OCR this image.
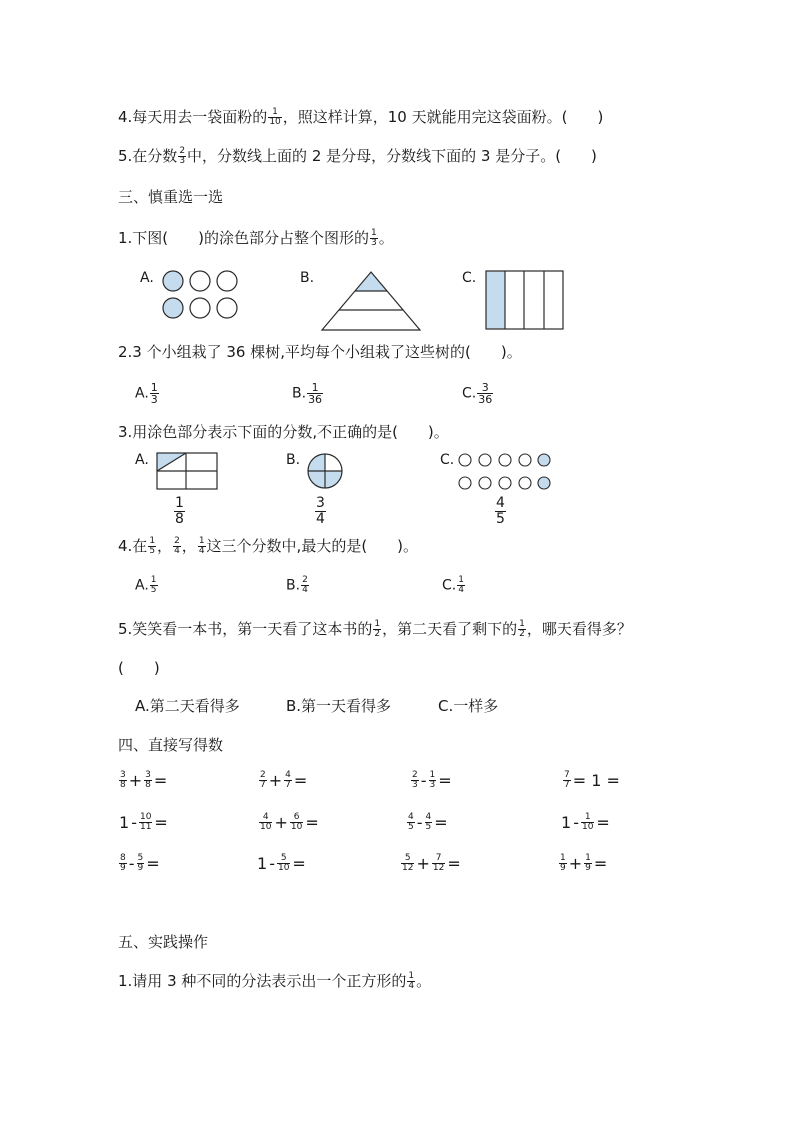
4.每天用去一袋面粉的 $\frac{1}{10}$ ，照这样计算，10 天就能用完这袋面粉。(　　)
5.在分数 $\frac{2}{3}$ 中，分数线上面的 2 是分母，分数线下面的 3 是分子。(　　)
三、慎重选一选
1.下图(　　)的涂色部分占整个图形的 $\frac{1}{3}$ 。
A.	B.	C.
2.3 个小组栽了 36 棵树,平均每个小组栽了这些树的(　　)。
A. $\frac{1}{3}$	B. $\frac{1}{36}$	C. $\frac{3}{36}$
3.用涂色部分表示下面的分数,不正确的是(　　)。
A.
$\frac{1}{8}$
B.
$\frac{3}{4}$
C.
$\frac{4}{5}$
4.在 $\frac{1}{5}$ ， $\frac{2}{4}$ ， $\frac{1}{4}$ 这三个分数中,最大的是(　　)。
A. $\frac{1}{5}$	B. $\frac{2}{4}$	C. $\frac{1}{4}$
5.笑笑看一本书，第一天看了这本书的 $\frac{1}{2}$ ，第二天看了剩下的 $\frac{1}{2}$ ，哪天看得多？
(　　)
A.第二天看得多	B.第一天看得多	C.一样多
四、直接写得数
$\frac{3}{8} + \frac{3}{8}$ =	$\frac{2}{7} + \frac{4}{7}$ =	$\frac{2}{3} - \frac{1}{3}$ =	$\frac{7}{7} = 1$ =
$1 - \frac{10}{11}$ =	$\frac{4}{10} + \frac{6}{10}$ =	$\frac{4}{5} - \frac{4}{5}$ =	$1 - \frac{1}{10}$ =
$\frac{8}{9} - \frac{5}{9}$ =	$1 - \frac{5}{10}$ =	$\frac{5}{12} + \frac{7}{12}$ =	$\frac{1}{9} + \frac{1}{9}$ =
五、实践操作
1.请用 3 种不同的分法表示出一个正方形的 $\frac{1}{4}$ 。
